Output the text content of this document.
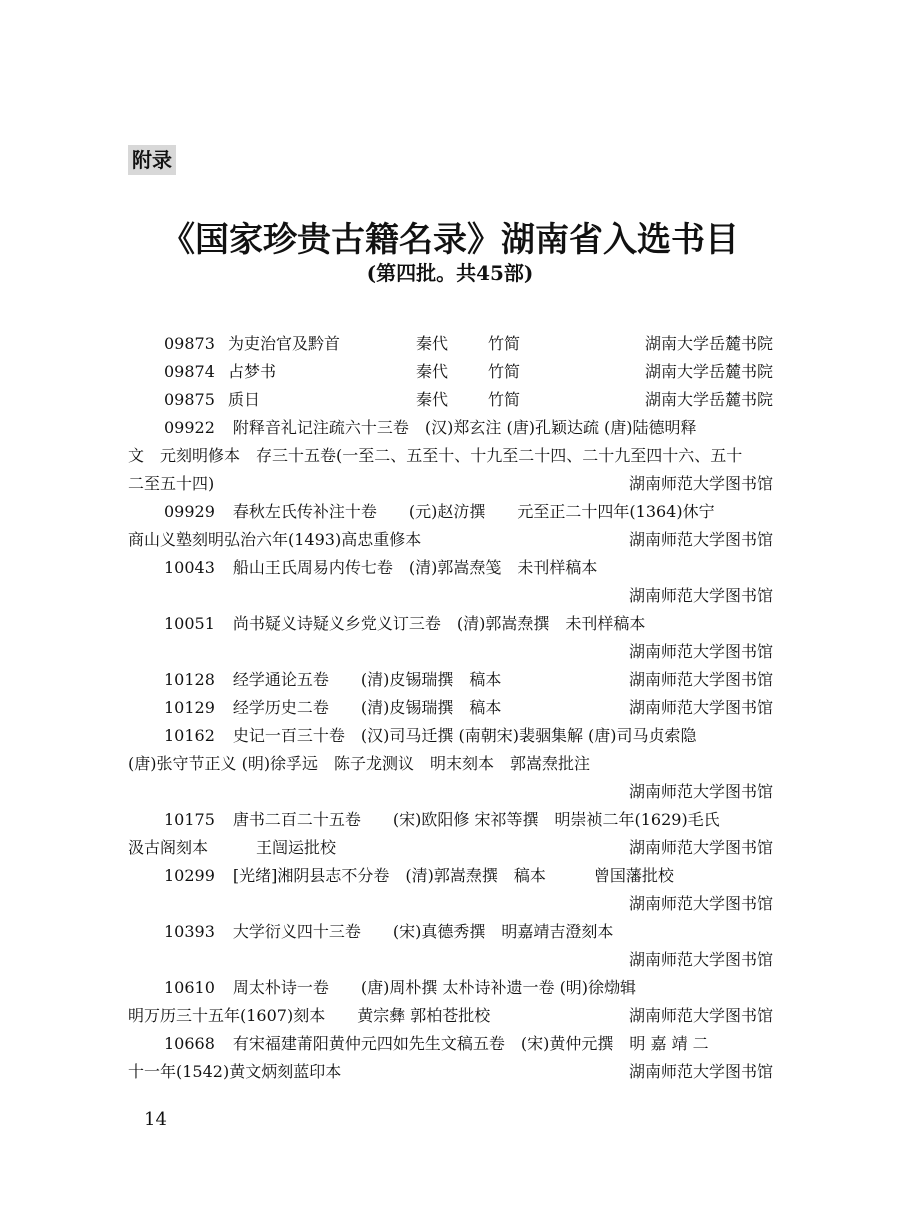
附录
《国家珍贵古籍名录》湖南省入选书目
(第四批。共45部)
09873 为吏治官及黔首	秦代 竹简	湖南大学岳麓书院
09874 占梦书	秦代 竹简	湖南大学岳麓书院
09875 质日	秦代 竹简	湖南大学岳麓书院
09922 附释音礼记注疏六十三卷　(汉)郑玄注 (唐)孔颖达疏 (唐)陆德明释
文　元刻明修本　存三十五卷(一至二、五至十、十九至二十四、二十九至四十六、五十
二至五十四)	湖南师范大学图书馆
09929 春秋左氏传补注十卷　　(元)赵汸撰　　元至正二十四年(1364)休宁
商山义塾刻明弘治六年(1493)高忠重修本	湖南师范大学图书馆
10043 船山王氏周易内传七卷　(清)郭嵩焘笺　未刊样稿本
湖南师范大学图书馆
10051 尚书疑义诗疑义乡党义订三卷　(清)郭嵩焘撰　未刊样稿本
湖南师范大学图书馆
10128 经学通论五卷　　(清)皮锡瑞撰　稿本	湖南师范大学图书馆
10129 经学历史二卷　　(清)皮锡瑞撰　稿本	湖南师范大学图书馆
10162 史记一百三十卷　(汉)司马迁撰 (南朝宋)裴骃集解 (唐)司马贞索隐
(唐)张守节正义 (明)徐孚远　陈子龙测议　明末刻本　郭嵩焘批注
湖南师范大学图书馆
10175 唐书二百二十五卷　　(宋)欧阳修 宋祁等撰　明崇祯二年(1629)毛氏
汲古阁刻本　　　王闿运批校	湖南师范大学图书馆
10299 [光绪]湘阴县志不分卷　(清)郭嵩焘撰　稿本　　　曾国藩批校
湖南师范大学图书馆
10393 大学衍义四十三卷　　(宋)真德秀撰　明嘉靖吉澄刻本
湖南师范大学图书馆
10610 周太朴诗一卷　　(唐)周朴撰 太朴诗补遗一卷 (明)徐𤊹辑
明万历三十五年(1607)刻本　　黄宗彝 郭柏苍批校	湖南师范大学图书馆
10668 有宋福建莆阳黄仲元四如先生文稿五卷　(宋)黄仲元撰　明 嘉 靖 二
十一年(1542)黄文炳刻蓝印本	湖南师范大学图书馆
14
